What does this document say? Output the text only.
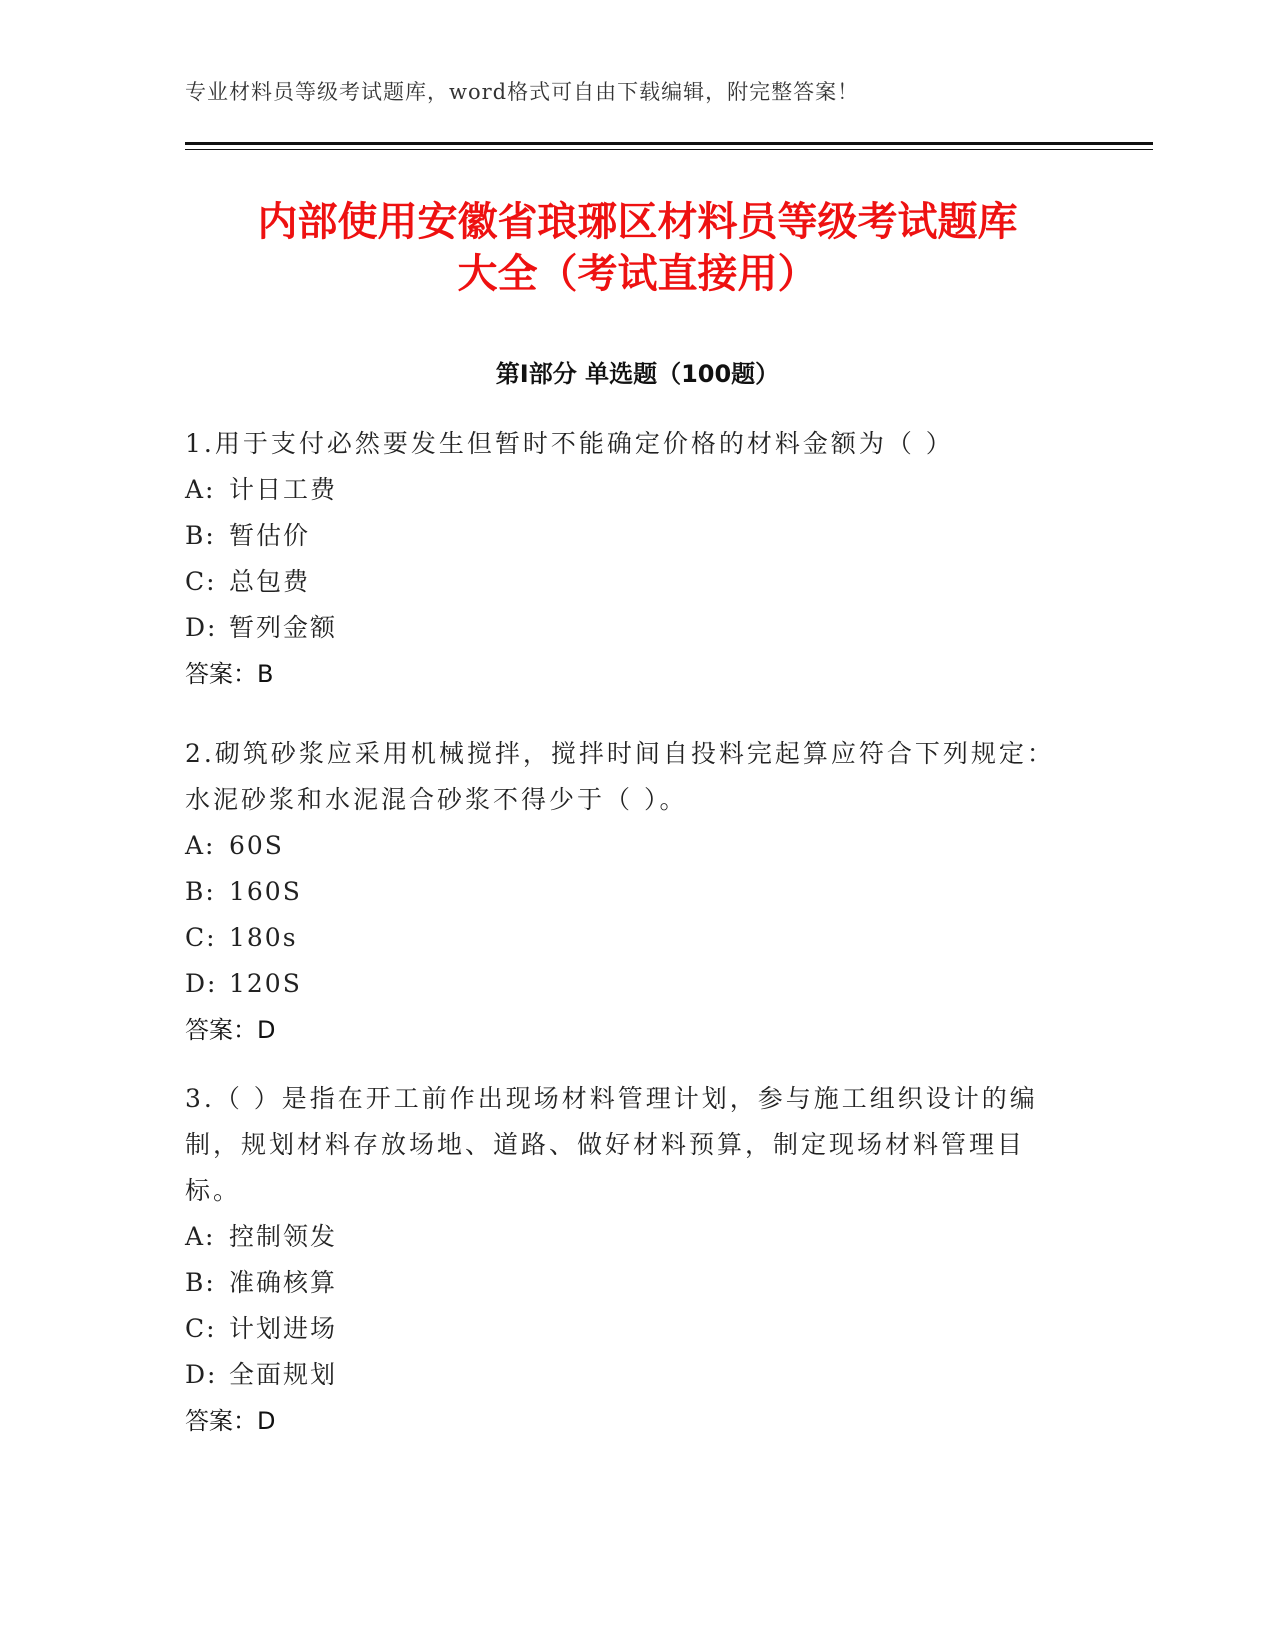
专业材料员等级考试题库，word格式可自由下载编辑，附完整答案！
内部使用安徽省琅琊区材料员等级考试题库
大全（考试直接用）
第Ⅰ部分 单选题（100题）
1.用于支付必然要发生但暂时不能确定价格的材料金额为（ ）
A: 计日工费
B: 暂估价
C: 总包费
D: 暂列金额
答案：B
2.砌筑砂浆应采用机械搅拌，搅拌时间自投料完起算应符合下列规定：水泥砂浆和水泥混合砂浆不得少于（ ）。
A: 60S
B: 160S
C: 180s
D: 120S
答案：D
3.（ ）是指在开工前作出现场材料管理计划，参与施工组织设计的编制，规划材料存放场地、道路、做好材料预算，制定现场材料管理目标。
A: 控制领发
B: 准确核算
C: 计划进场
D: 全面规划
答案：D
